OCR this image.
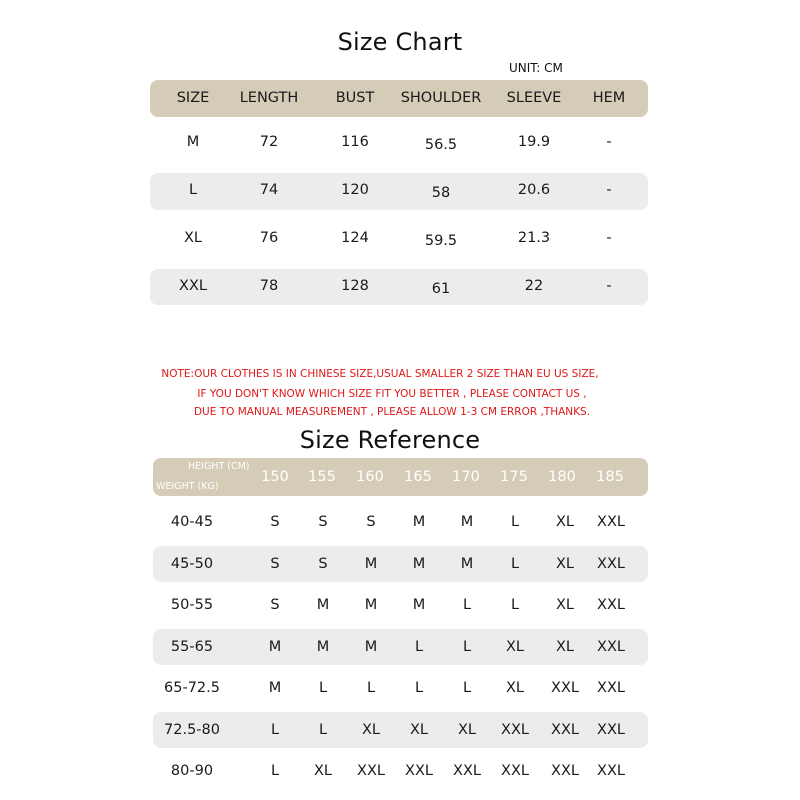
Size Chart
UNIT: CM
SIZE LENGTH	BUST SHOULDER SLEEVE HEM
M	72	116	56.5	19.9	-
L	74	120	58	20.6	-
XL	76	124	59.5	21.3	-
XXL	78	128	61	22	-
NOTE:OUR CLOTHES IS IN CHINESE SIZE,USUAL SMALLER 2 SIZE THAN EU US SIZE,
IF YOU DON'T KNOW WHICH SIZE FIT YOU BETTER , PLEASE CONTACT US ,
DUE TO MANUAL MEASUREMENT , PLEASE ALLOW 1-3 CM ERROR ,THANKS.
Size Reference
HEIGHT (CM)
WEIGHT (KG)
150 155 160 165 170 175 180 185
40-45	S	S	S	M M	L	XL XXL
45-50	S	S	M M M	L	XL XXL
50-55	S	M M M	L	L	XL XXL
55-65	M M M	L	L XL XL XXL
65-72.5	M	L	L	L	L XL XXL XXL
72.5-80	L	L XL XL XL XXL XXL XXL
80-90	L XL XXL XXL XXL XXL XXL XXL
